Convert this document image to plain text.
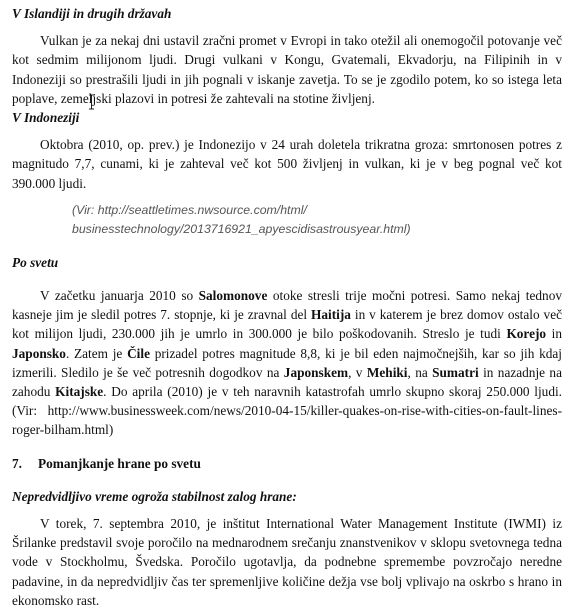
V Islandiji in drugih državah

Vulkan je za nekaj dni ustavil zračni promet v Evropi in tako otežil ali onemogočil potovanje več kot sedmim milijonom ljudi. Drugi vulkani v Kongu, Gvatemali, Ekvadorju, na Filipinih in v Indoneziji so prestrašili ljudi in jih pognali v iskanje zavetja. To se je zgodilo potem, ko so istega leta poplave, zemeljski plazovi in potresi že zahtevali na stotine življenj.

V Indoneziji

Oktobra (2010, op. prev.) je Indonezijo v 24 urah doletela trikratna groza: smrtonosen potres z magnitudo 7,7, cunami, ki je zahteval več kot 500 življenj in vulkan, ki je v beg pognal več kot 390.000 ljudi.

(Vir: http://seattletimes.nwsource.com/html/
businesstechnology/2013716921_apyescidisastrousyear.html)
Po svetu

V začetku januarja 2010 so Salomonove otoke stresli trije močni potresi. Samo nekaj tednov kasneje jim je sledil potres 7. stopnje, ki je zravnal del Haitija in v katerem je brez domov ostalo več kot milijon ljudi, 230.000 jih je umrlo in 300.000 je bilo poškodovanih. Streslo je tudi Korejo in Japonsko. Zatem je Čile prizadel potres magnitude 8,8, ki je bil eden najmočnejših, kar so jih kdaj izmerili. Sledilo je še več potresnih dogodkov na Japonskem, v Mehiki, na Sumatri in nazadnje na zahodu Kitajske. Do aprila (2010) je v teh naravnih katastrofah umrlo skupno skoraj 250.000 ljudi. (Vir: http://www.businessweek.com/news/2010-04-15/killer-quakes-on-rise-with-cities-on-fault-lines-roger-bilham.html)

7.	Pomanjkanje hrane po svetu
Nepredvidljivo vreme ogroža stabilnost zalog hrane:

V torek, 7. septembra 2010, je inštitut International Water Management Institute (IWMI) iz Šrilanke predstavil svoje poročilo na mednarodnem srečanju znanstvenikov v sklopu svetovnega tedna vode v Stockholmu, Švedska. Poročilo ugotavlja, da podnebne spremembe povzročajo neredne padavine, in da nepredvidljiv čas ter spremenljive količine dežja vse bolj vplivajo na oskrbo s hrano in ekonomsko rast.
